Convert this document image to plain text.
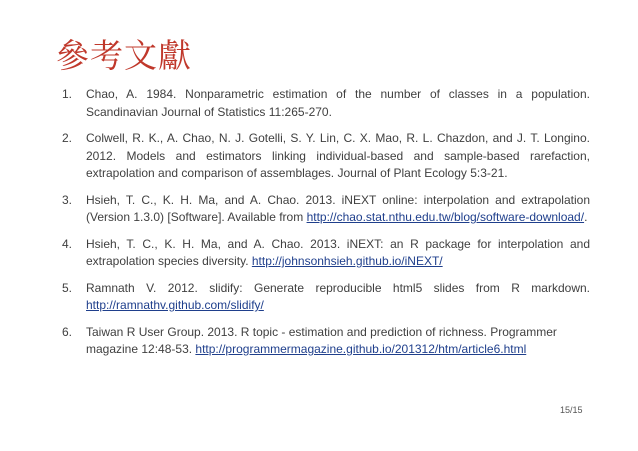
參考文獻
1.	Chao, A. 1984. Nonparametric estimation of the number of classes in a population. Scandinavian Journal of Statistics 11:265-270.
2.	Colwell, R. K., A. Chao, N. J. Gotelli, S. Y. Lin, C. X. Mao, R. L. Chazdon, and J. T. Longino. 2012. Models and estimators linking individual-based and sample-based rarefaction, extrapolation and comparison of assemblages. Journal of Plant Ecology 5:3-21.
3.	Hsieh, T. C., K. H. Ma, and A. Chao. 2013. iNEXT online: interpolation and extrapolation (Version 1.3.0) [Software]. Available from http://chao.stat.nthu.edu.tw/blog/software-download/.
4.	Hsieh, T. C., K. H. Ma, and A. Chao. 2013. iNEXT: an R package for interpolation and extrapolation species diversity. http://johnsonhsieh.github.io/iNEXT/
5.	Ramnath V. 2012. slidify: Generate reproducible html5 slides from R markdown. http://ramnathv.github.com/slidify/
6.	Taiwan R User Group. 2013. R topic - estimation and prediction of richness. Programmer magazine 12:48-53. http://programmermagazine.github.io/201312/htm/article6.html
15/15
